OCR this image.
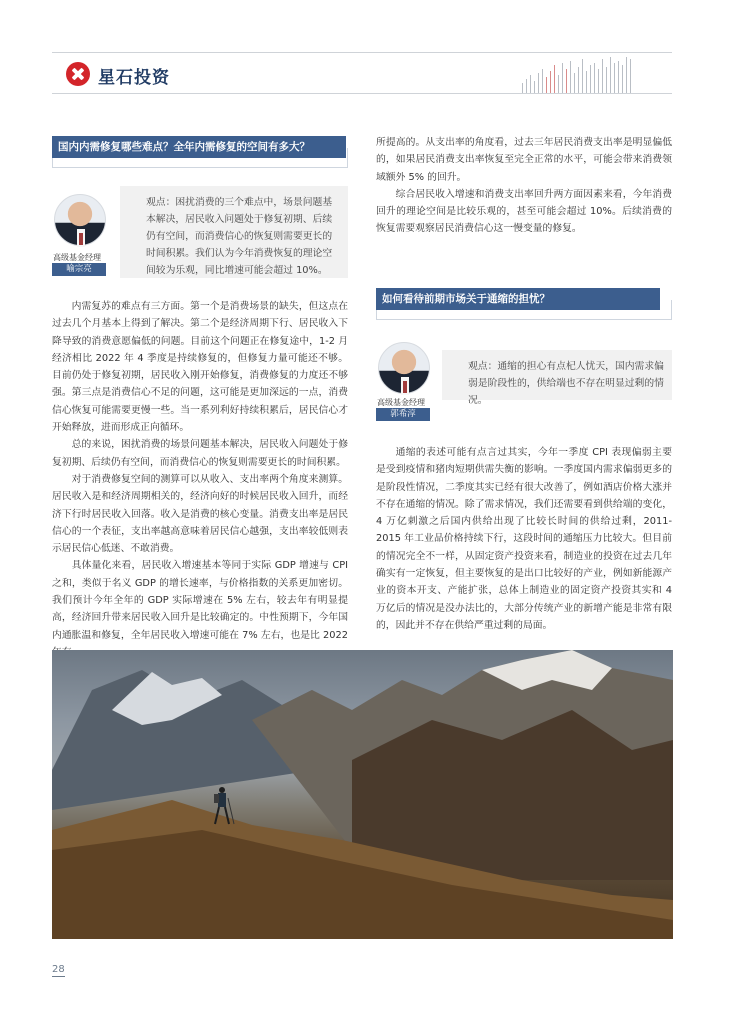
星石投资
国内内需修复哪些难点？全年内需修复的空间有多大？
高级基金经理
喻宗亮
观点：困扰消费的三个难点中，场景问题基本解决，居民收入问题处于修复初期、后续仍有空间，而消费信心的恢复则需要更长的时间积累。我们认为今年消费恢复的理论空间较为乐观，同比增速可能会超过 10%。

内需复苏的难点有三方面。第一个是消费场景的缺失，但这点在过去几个月基本上得到了解决。第二个是经济周期下行、居民收入下降导致的消费意愿偏低的问题。目前这个问题正在修复途中，1-2 月经济相比 2022 年 4 季度是持续修复的，但修复力量可能还不够。目前仍处于修复初期，居民收入刚开始修复，消费修复的力度还不够强。第三点是消费信心不足的问题，这可能是更加深远的一点，消费信心恢复可能需要更慢一些。当一系列利好持续积累后，居民信心才开始释放，进而形成正向循环。

总的来说，困扰消费的场景问题基本解决，居民收入问题处于修复初期、后续仍有空间，而消费信心的恢复则需要更长的时间积累。

对于消费修复空间的测算可以从收入、支出率两个角度来测算。居民收入是和经济周期相关的，经济向好的时候居民收入回升，而经济下行时居民收入回落。收入是消费的核心变量。消费支出率是居民信心的一个表征，支出率越高意味着居民信心越强，支出率较低则表示居民信心低迷、不敢消费。

具体量化来看，居民收入增速基本等同于实际 GDP 增速与 CPI 之和，类似于名义 GDP 的增长速率，与价格指数的关系更加密切。我们预计今年全年的 GDP 实际增速在 5% 左右，较去年有明显提高，经济回升带来居民收入回升是比较确定的。中性预期下，今年国内通胀温和修复，全年居民收入增速可能在 7% 左右，也是比 2022

所提高的。从支出率的角度看，过去三年居民消费支出率是明显偏低的，如果居民消费支出率恢复至完全正常的水平，可能会带来消费领域额外 5% 的回升。

综合居民收入增速和消费支出率回升两方面因素来看，今年消费回升的理论空间是比较乐观的，甚至可能会超过 10%。后续消费的恢复需要观察居民消费信心这一慢变量的修复。

如何看待前期市场关于通缩的担忧？
高级基金经理
郭希淳
观点：通缩的担心有点杞人忧天，国内需求偏弱是阶段性的，供给端也不存在明显过剩的情况。

通缩的表述可能有点言过其实，今年一季度 CPI 表现偏弱主要是受到疫情和猪肉短期供需失衡的影响。一季度国内需求偏弱更多的是阶段性情况，二季度其实已经有很大改善了，例如酒店价格大涨并不存在通缩的情况。除了需求情况，我们还需要看到供给端的变化，4 万亿刺激之后国内供给出现了比较长时间的供给过剩，2011-2015 年工业品价格持续下行，这段时间的通缩压力比较大。但目前的情况完全不一样，从固定资产投资来看，制造业的投资在过去几年确实有一定恢复，但主要恢复的是出口比较好的产业，例如新能源产业的资本开支、产能扩张，总体上制造业的固定资产投资其实和 4 万亿后的情况是没办法比的，大部分传统产业的新增产能是非常有限的，因此并不存在供给严重过剩的局面。

28
